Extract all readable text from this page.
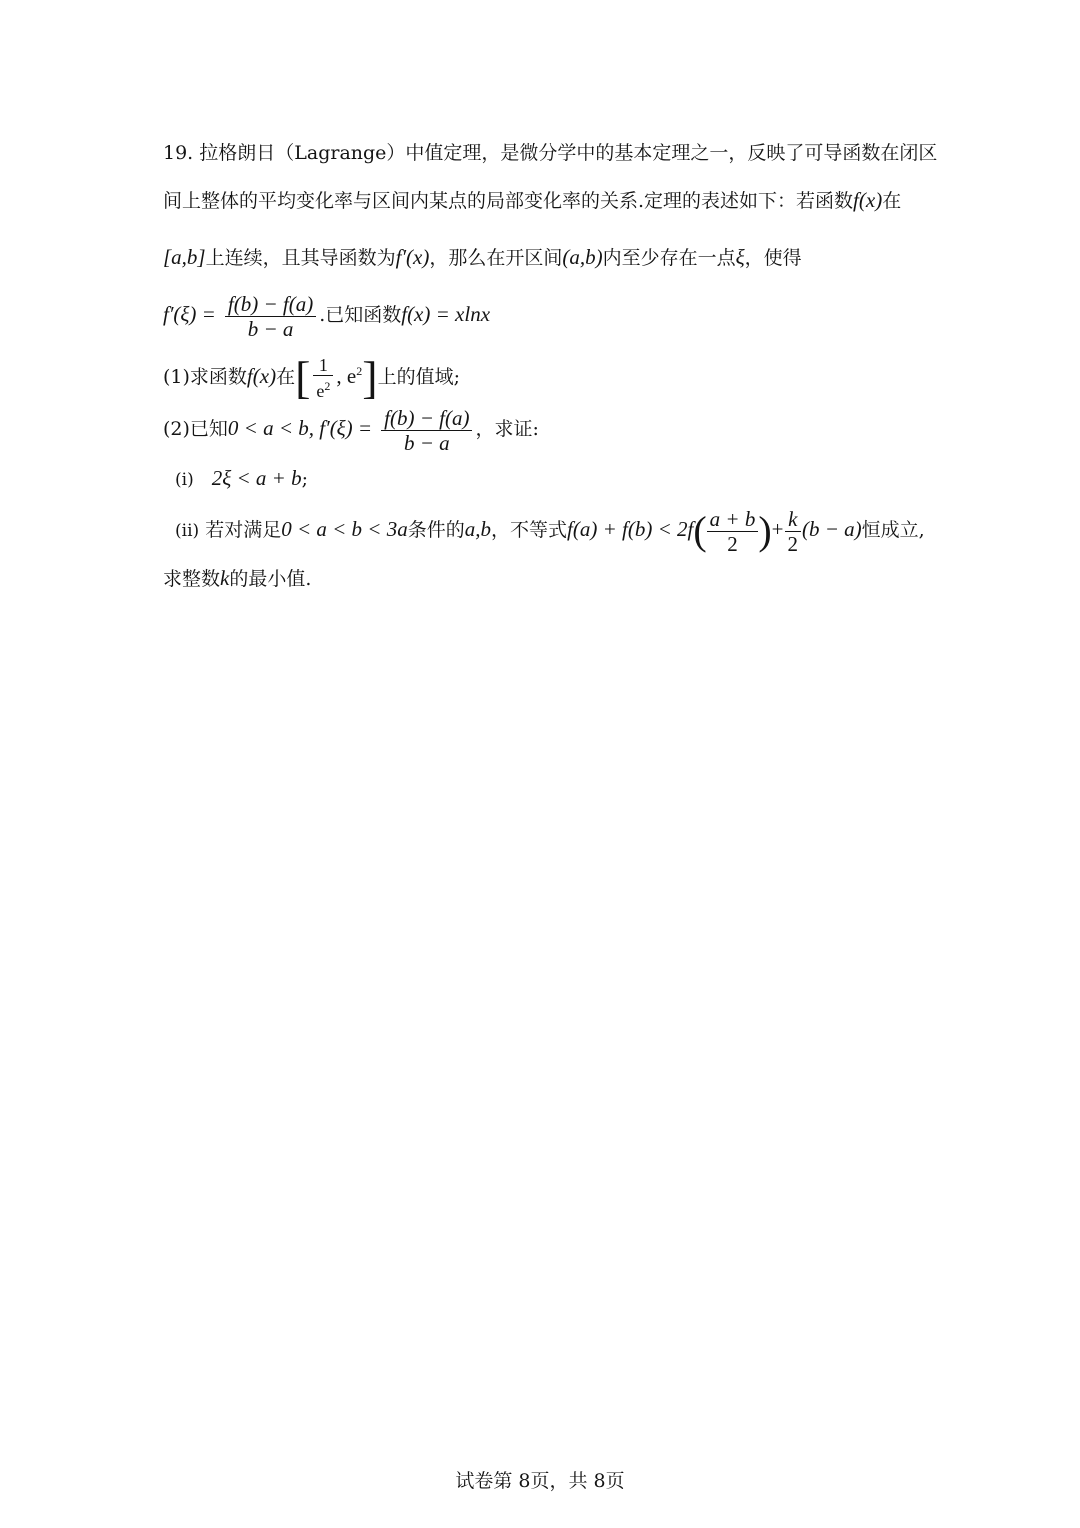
19. 拉格朗日（Lagrange）中值定理，是微分学中的基本定理之一，反映了可导函数在闭区
间上整体的平均变化率与区间内某点的局部变化率的关系.定理的表述如下：若函数f(x)在
[a,b]上连续，且其导函数为f′(x)，那么在开区间(a,b)内至少存在一点ξ，使得
$f'(\xi) = \frac{f(b) - f(a)}{b - a}$ .已知函数f(x) = xlnx
(1)求函数f(x)在[ $\frac{1}{e^2}$ , $e^2$]上的值域;
(2)已知0 < a < b, $f'(\xi) = \frac{f(b) - f(a)}{b - a}$ ，求证:
(i) 2ξ < a + b;
(ii) 若对满足0 < a < b < 3a条件的a,b，不等式$f(a) + f(b) < 2f( \frac{a + b}{2}$ )+ $\frac{k}{2} (b - a)$恒成立,
求整数k的最小值.
试卷第 8页，共 8页
